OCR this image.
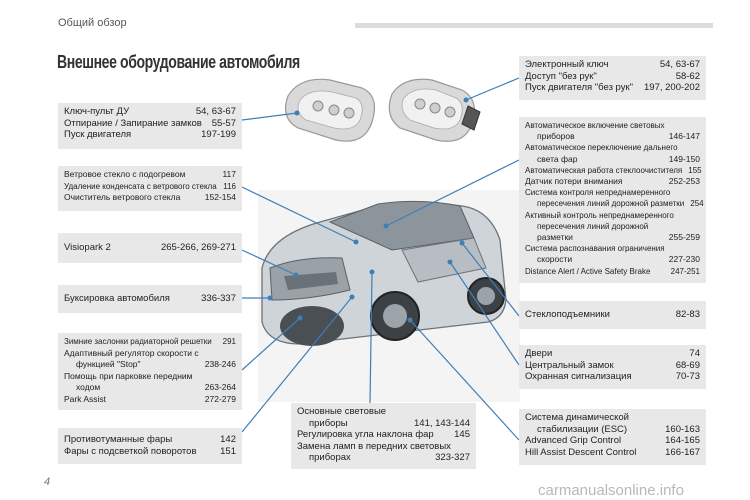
Общий обзор
Внешнее оборудование автомобиля
Ключ-пульт ДУ	54, 63-67
Отпирание / Запирание замков	55-57
Пуск двигателя	197-199
Ветровое стекло с подогревом	117
Удаление конденсата с ветрового стекла 116
Очиститель ветрового стекла	152-154
Visiopark 2	265-266, 269-271
Буксировка автомобиля	336-337
Зимние заслонки радиаторной решетки	291
Адаптивный регулятор скорости с
функцией "Stop"	238-246
Помощь при парковке передним
ходом	263-264
Park Assist	272-279
Противотуманные фары	142
Фары с подсветкой поворотов	151
Основные световые
приборы	141, 143-144
Регулировка угла наклона фар	145
Замена ламп в передних световых
приборах	323-327
Электронный ключ	54, 63-67
Доступ "без рук"	58-62
Пуск двигателя "без рук"	197, 200-202
Автоматическое включение световых
приборов	146-147
Автоматическое переключение дальнего
света фар	149-150
Автоматическая работа стеклоочистителя 155
Датчик потери внимания	252-253
Система контроля непреднамеренного
пересечения линий дорожной разметки 254
Активный контроль непреднамеренного
пересечения линий дорожной
разметки	255-259
Система распознавания ограничения
скорости	227-230
Distance Alert / Active Safety Brake	247-251
Стеклоподъемники	82-83
Двери	74
Центральный замок	68-69
Охранная сигнализация	70-73
Система динамической
стабилизации (ESC)	160-163
Advanced Grip Control	164-165
Hill Assist Descent Control	166-167
4	carmanualsonline.info
